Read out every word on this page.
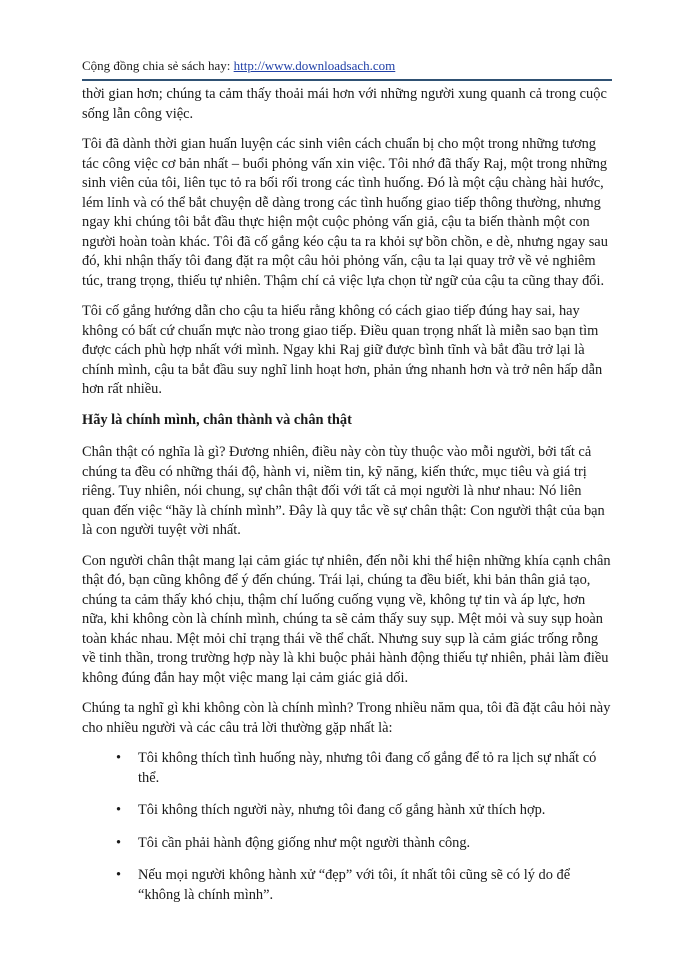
Cộng đồng chia sẻ sách hay: http://www.downloadsach.com

thời gian hơn; chúng ta cảm thấy thoải mái hơn với những người xung quanh cả trong cuộc sống lẫn công việc.

Tôi đã dành thời gian huấn luyện các sinh viên cách chuẩn bị cho một trong những tương tác công việc cơ bản nhất – buổi phỏng vấn xin việc. Tôi nhớ đã thấy Raj, một trong những sinh viên của tôi, liên tục tỏ ra bối rối trong các tình huống. Đó là một cậu chàng hài hước, lém lỉnh và có thể bắt chuyện dễ dàng trong các tình huống giao tiếp thông thường, nhưng ngay khi chúng tôi bắt đầu thực hiện một cuộc phỏng vấn giả, cậu ta biến thành một con người hoàn toàn khác. Tôi đã cố gắng kéo cậu ta ra khỏi sự bồn chồn, e dè, nhưng ngay sau đó, khi nhận thấy tôi đang đặt ra một câu hỏi phỏng vấn, cậu ta lại quay trở về vẻ nghiêm túc, trang trọng, thiếu tự nhiên. Thậm chí cả việc lựa chọn từ ngữ của cậu ta cũng thay đổi.

Tôi cố gắng hướng dẫn cho cậu ta hiểu rằng không có cách giao tiếp đúng hay sai, hay không có bất cứ chuẩn mực nào trong giao tiếp. Điều quan trọng nhất là miễn sao bạn tìm được cách phù hợp nhất với mình. Ngay khi Raj giữ được bình tĩnh và bắt đầu trở lại là chính mình, cậu ta bắt đầu suy nghĩ linh hoạt hơn, phản ứng nhanh hơn và trở nên hấp dẫn hơn rất nhiều.

Hãy là chính mình, chân thành và chân thật

Chân thật có nghĩa là gì? Đương nhiên, điều này còn tùy thuộc vào mỗi người, bởi tất cả chúng ta đều có những thái độ, hành vi, niềm tin, kỹ năng, kiến thức, mục tiêu và giá trị riêng. Tuy nhiên, nói chung, sự chân thật đối với tất cả mọi người là như nhau: Nó liên quan đến việc “hãy là chính mình”. Đây là quy tắc về sự chân thật: Con người thật của bạn là con người tuyệt vời nhất.

Con người chân thật mang lại cảm giác tự nhiên, đến nỗi khi thể hiện những khía cạnh chân thật đó, bạn cũng không để ý đến chúng. Trái lại, chúng ta đều biết, khi bản thân giả tạo, chúng ta cảm thấy khó chịu, thậm chí luống cuống vụng về, không tự tin và áp lực, hơn nữa, khi không còn là chính mình, chúng ta sẽ cảm thấy suy sụp. Mệt mỏi và suy sụp hoàn toàn khác nhau. Mệt mỏi chỉ trạng thái về thể chất. Nhưng suy sụp là cảm giác trống rỗng về tinh thần, trong trường hợp này là khi buộc phải hành động thiếu tự nhiên, phải làm điều không đúng đắn hay một việc mang lại cảm giác giả dối.

Chúng ta nghĩ gì khi không còn là chính mình? Trong nhiều năm qua, tôi đã đặt câu hỏi này cho nhiều người và các câu trả lời thường gặp nhất là:

• Tôi không thích tình huống này, nhưng tôi đang cố gắng để tỏ ra lịch sự nhất có thể.
• Tôi không thích người này, nhưng tôi đang cố gắng hành xử thích hợp.
• Tôi cần phải hành động giống như một người thành công.
• Nếu mọi người không hành xử “đẹp” với tôi, ít nhất tôi cũng sẽ có lý do để “không là chính mình”.
